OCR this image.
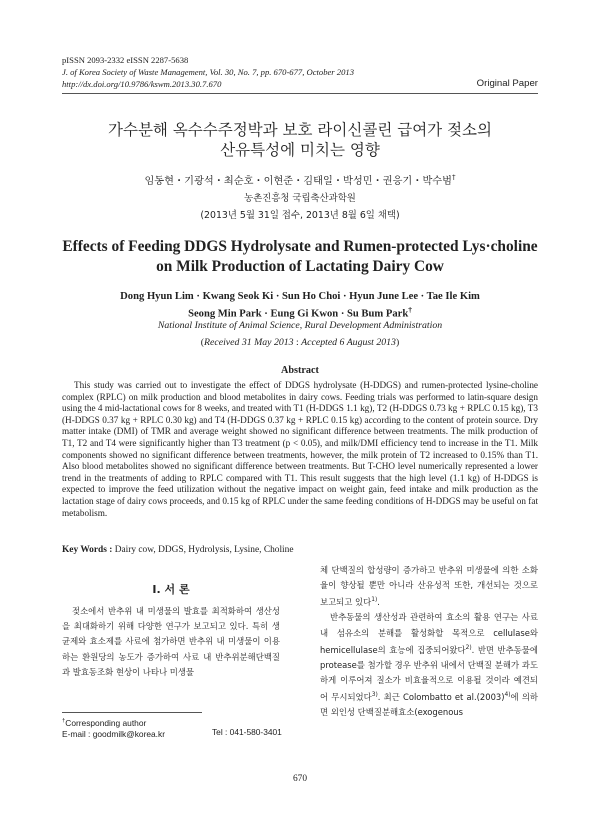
pISSN 2093-2332 eISSN 2287-5638
J. of Korea Society of Waste Management, Vol. 30, No. 7, pp. 670-677, October 2013
http://dx.doi.org/10.9786/kswm.2013.30.7.670	Original Paper
가수분해 옥수수주정박과 보호 라이신콜린 급여가 젖소의
산유특성에 미치는 영향
임동현・기광석・최순호・이현준・김태일・박성민・권응기・박수범†
농촌진흥청 국립축산과학원
(2013년 5월 31일 접수, 2013년 8월 6일 채택)
Effects of Feeding DDGS Hydrolysate and Rumen-protected Lys·choline
on Milk Production of Lactating Dairy Cow
Dong Hyun Lim · Kwang Seok Ki · Sun Ho Choi · Hyun June Lee · Tae Ile Kim
Seong Min Park · Eung Gi Kwon · Su Bum Park†
National Institute of Animal Science, Rural Development Administration
(Received 31 May 2013 : Accepted 6 August 2013)
Abstract
This study was carried out to investigate the effect of DDGS hydrolysate (H-DDGS) and rumen-protected lysine-choline complex (RPLC) on milk production and blood metabolites in dairy cows. Feeding trials was performed to latin-square design using the 4 mid-lactational cows for 8 weeks, and treated with T1 (H-DDGS 1.1 kg), T2 (H-DDGS 0.73 kg + RPLC 0.15 kg), T3 (H-DDGS 0.37 kg + RPLC 0.30 kg) and T4 (H-DDGS 0.37 kg + RPLC 0.15 kg) according to the content of protein source. Dry matter intake (DMI) of TMR and average weight showed no significant difference between treatments. The milk production of T1, T2 and T4 were significantly higher than T3 treatment (p < 0.05), and milk/DMI efficiency tend to increase in the T1. Milk components showed no significant difference between treatments, however, the milk protein of T2 increased to 0.15% than T1. Also blood metabolites showed no significant difference between treatments. But T-CHO level numerically represented a lower trend in the treatments of adding to RPLC compared with T1. This result suggests that the high level (1.1 kg) of H-DDGS is expected to improve the feed utilization without the negative impact on weight gain, feed intake and milk production as the lactation stage of dairy cows proceeds, and 0.15 kg of RPLC under the same feeding conditions of H-DDGS may be useful on fat metabolism.
Key Words : Dairy cow, DDGS, Hydrolysis, Lysine, Choline
I. 서 론

젖소에서 반추위 내 미생물의 발효를 최적화하여 생산성을 최대화하기 위해 다양한 연구가 보고되고 있다. 특히 생균제와 효소제를 사료에 첨가하면 반추위 내 미생물이 이용하는 환원당의 농도가 증가하여 사료 내 반추위분해단백질과 발효동조화 현상이 나타나 미생물

체 단백질의 합성량이 증가하고 반추위 미생물에 의한 소화율이 향상될 뿐만 아니라 산유성적 또한, 개선되는 것으로 보고되고 있다$^{1)}$.

반추동물의 생산성과 관련하여 효소의 활용 연구는 사료 내 섬유소의 분해를 활성화할 목적으로 cellulase와 hemicellulase의 효능에 집중되어왔다$^{2)}$. 반면 반추동물에 protease를 첨가할 경우 반추위 내에서 단백질 분해가 과도하게 이루어져 질소가 비효율적으로 이용될 것이라 예견되어 무시되었다$^{3)}$. 최근 Colombatto et $al.(2003)^{4)}$에 의하면 외인성 단백질분해효소(exogenous

†Corresponding author
E-mail : goodmilk@korea.kr	Tel : 041-580-3401
670
